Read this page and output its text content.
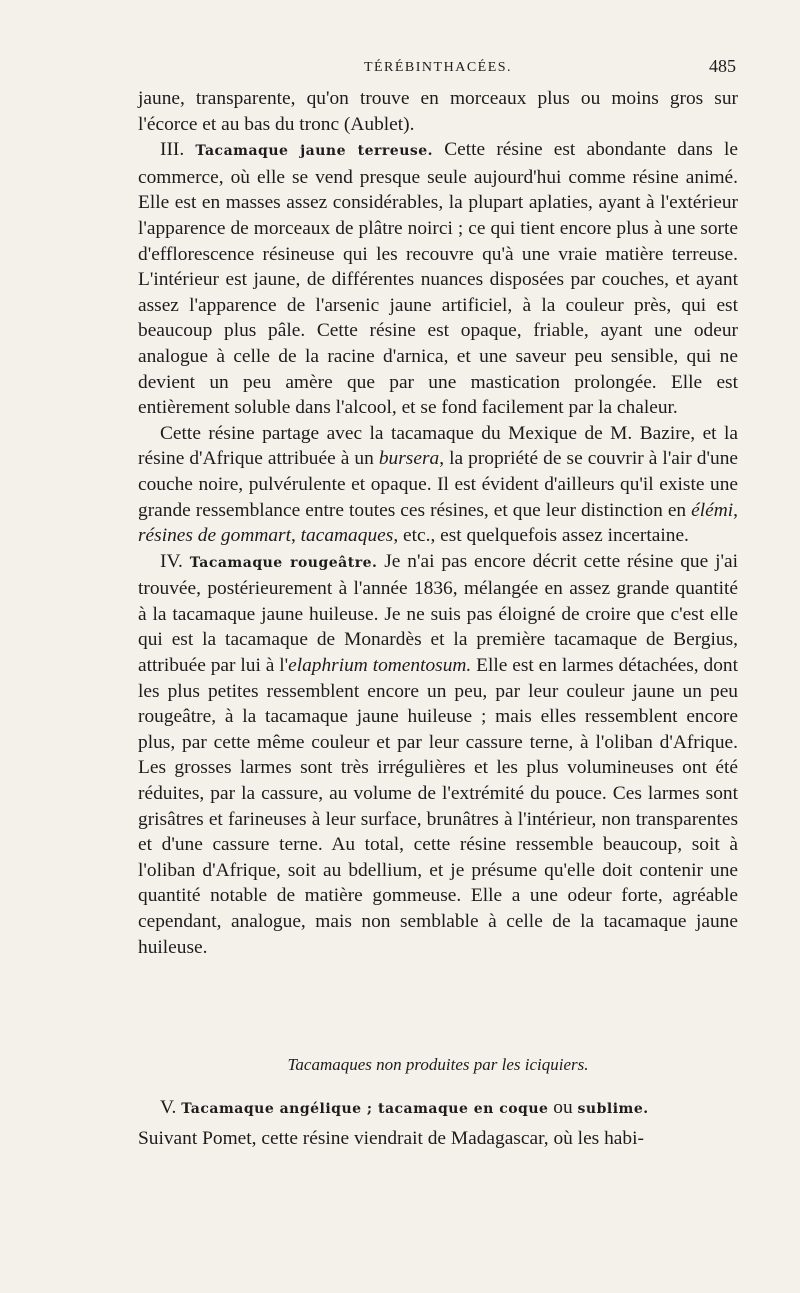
TÉRÉBINTHACÉES.	485

jaune, transparente, qu'on trouve en morceaux plus ou moins gros sur l'écorce et au bas du tronc (Aublet).

III. Tacamaque jaune terreuse. Cette résine est abondante dans le commerce, où elle se vend presque seule aujourd'hui comme résine animé. Elle est en masses assez considérables, la plupart aplaties, ayant à l'extérieur l'apparence de morceaux de plâtre noirci ; ce qui tient encore plus à une sorte d'efflorescence résineuse qui les recouvre qu'à une vraie matière terreuse. L'intérieur est jaune, de différentes nuances disposées par couches, et ayant assez l'apparence de l'arsenic jaune artificiel, à la couleur près, qui est beaucoup plus pâle. Cette résine est opaque, friable, ayant une odeur analogue à celle de la racine d'arnica, et une saveur peu sensible, qui ne devient un peu amère que par une mastication prolongée. Elle est entièrement soluble dans l'alcool, et se fond facilement par la chaleur.

Cette résine partage avec la tacamaque du Mexique de M. Bazire, et la résine d'Afrique attribuée à un bursera, la propriété de se couvrir à l'air d'une couche noire, pulvérulente et opaque. Il est évident d'ailleurs qu'il existe une grande ressemblance entre toutes ces résines, et que leur distinction en élémi, résines de gommart, tacamaques, etc., est quelquefois assez incertaine.

IV. Tacamaque rougeâtre. Je n'ai pas encore décrit cette résine que j'ai trouvée, postérieurement à l'année 1836, mélangée en assez grande quantité à la tacamaque jaune huileuse. Je ne suis pas éloigné de croire que c'est elle qui est la tacamaque de Monardès et la première tacamaque de Bergius, attribuée par lui à l'elaphrium tomentosum. Elle est en larmes détachées, dont les plus petites ressemblent encore un peu, par leur couleur jaune un peu rougeâtre, à la tacamaque jaune huileuse ; mais elles ressemblent encore plus, par cette même couleur et par leur cassure terne, à l'oliban d'Afrique. Les grosses larmes sont très irrégulières et les plus volumineuses ont été réduites, par la cassure, au volume de l'extrémité du pouce. Ces larmes sont grisâtres et farineuses à leur surface, brunâtres à l'intérieur, non transparentes et d'une cassure terne. Au total, cette résine ressemble beaucoup, soit à l'oliban d'Afrique, soit au bdellium, et je présume qu'elle doit contenir une quantité notable de matière gommeuse. Elle a une odeur forte, agréable cependant, analogue, mais non semblable à celle de la tacamaque jaune huileuse.

Tacamaques non produites par les iciquiers.

V. Tacamaque angélique ; tacamaque en coque ou sublime.

Suivant Pomet, cette résine viendrait de Madagascar, où les habi-
